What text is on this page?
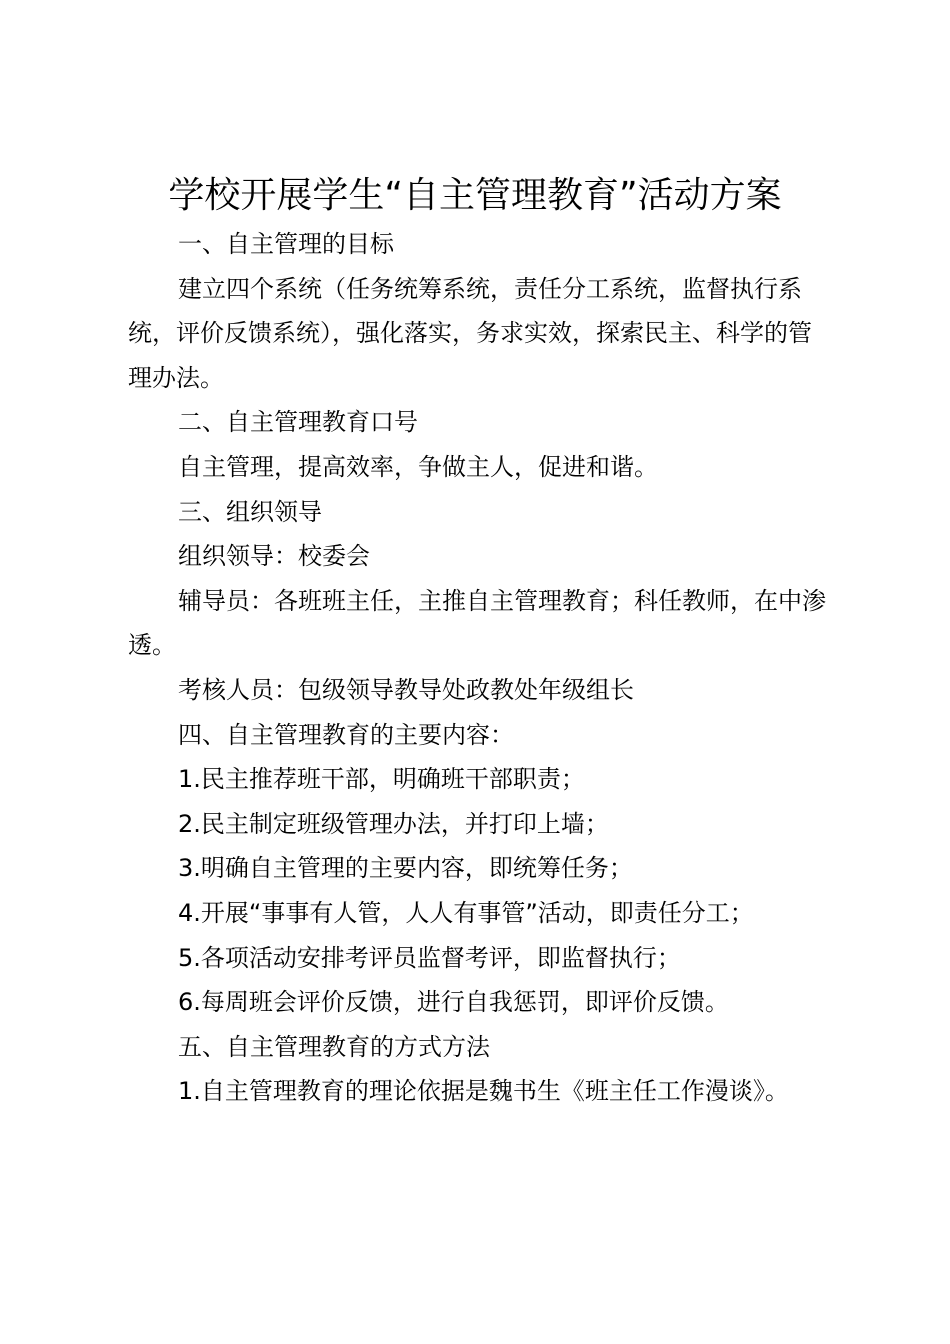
学校开展学生“自主管理教育”活动方案

一、自主管理的目标

建立四个系统（任务统筹系统，责任分工系统，监督执行系统，评价反馈系统），强化落实，务求实效，探索民主、科学的管理办法。

二、自主管理教育口号

自主管理，提高效率，争做主人，促进和谐。

三、组织领导

组织领导：校委会

辅导员：各班班主任，主推自主管理教育；科任教师，在中渗透。

考核人员：包级领导教导处政教处年级组长

四、自主管理教育的主要内容：

1.民主推荐班干部，明确班干部职责；

2.民主制定班级管理办法，并打印上墙；

3.明确自主管理的主要内容，即统筹任务；

4.开展“事事有人管，人人有事管”活动，即责任分工；

5.各项活动安排考评员监督考评，即监督执行；

6.每周班会评价反馈，进行自我惩罚，即评价反馈。

五、自主管理教育的方式方法

1.自主管理教育的理论依据是魏书生《班主任工作漫谈》。
